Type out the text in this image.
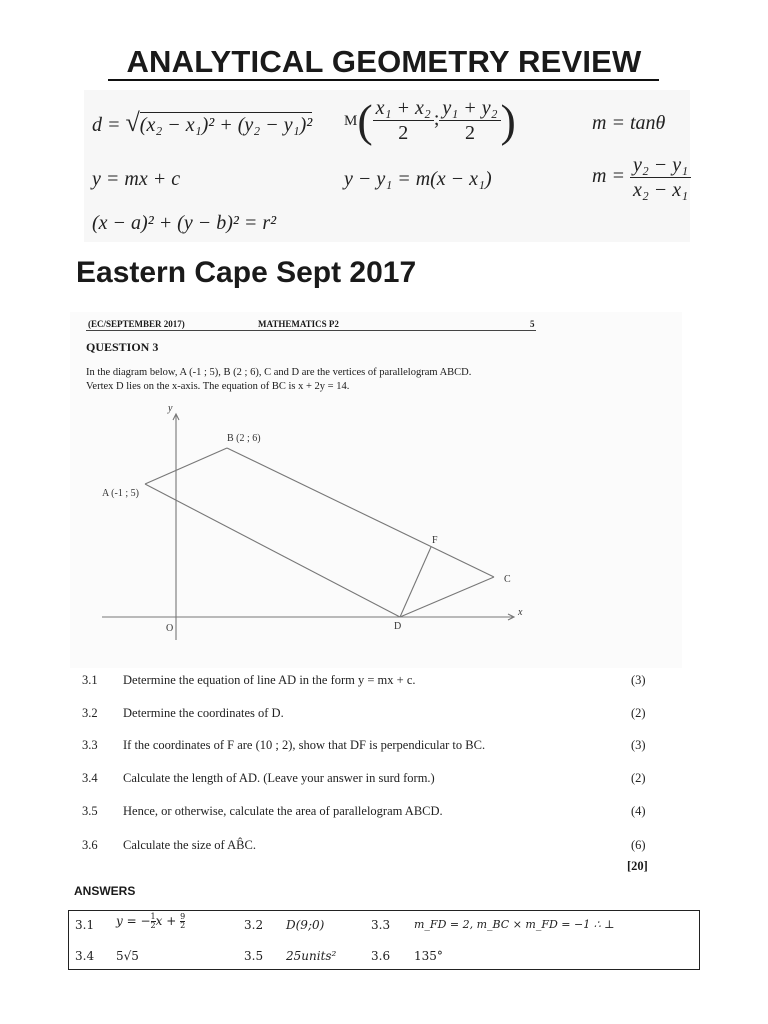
ANALYTICAL GEOMETRY REVIEW
d = √(x₂ − x₁)² + (y₂ − y₁)² $M( \frac{\text{x₁ + x₂}}{2}$ ; $\frac{\text{y₁ + y₂}}{2}$ )	m = tanθ
y = mx + c	y − y₁ = m(x − x₁)	$m = \frac{\text{y₂ − y₁}}{\text{x₂ − x₁}}$
(x − a)² + (y − b)² = r²
Eastern Cape Sept 2017
(EC/SEPTEMBER 2017)	MATHEMATICS P2	5
QUESTION 3
In the diagram below, A (-1 ; 5), B (2 ; 6), C and D are the vertices of parallelogram ABCD.
Vertex D lies on the x-axis. The equation of BC is x + 2y = 14.
A (-1 ; 5)
B (2 ; 6)
C
D
F
O
x
y
3.1 Determine the equation of line AD in the form y = mx + c.	(3)
3.2 Determine the coordinates of D.	(2)
3.3 If the coordinates of F are (10 ; 2), show that DF is perpendicular to BC.	(3)
3.4 Calculate the length of AD. (Leave your answer in surd form.)	(2)
3.5 Hence, or otherwise, calculate the area of parallelogram ABCD.	(4)
3.6 Calculate the size of AB̂C.	(6)
[20]
ANSWERS
3.1 y = − $\frac{1}{2}$ $x + \frac{9}{2}$	3.2 D(9;0)	3.3 m_FD = 2, m_BC × m_FD = −1 ∴ ⊥
3.4 5√5	3.5 25units²	3.6 135°
